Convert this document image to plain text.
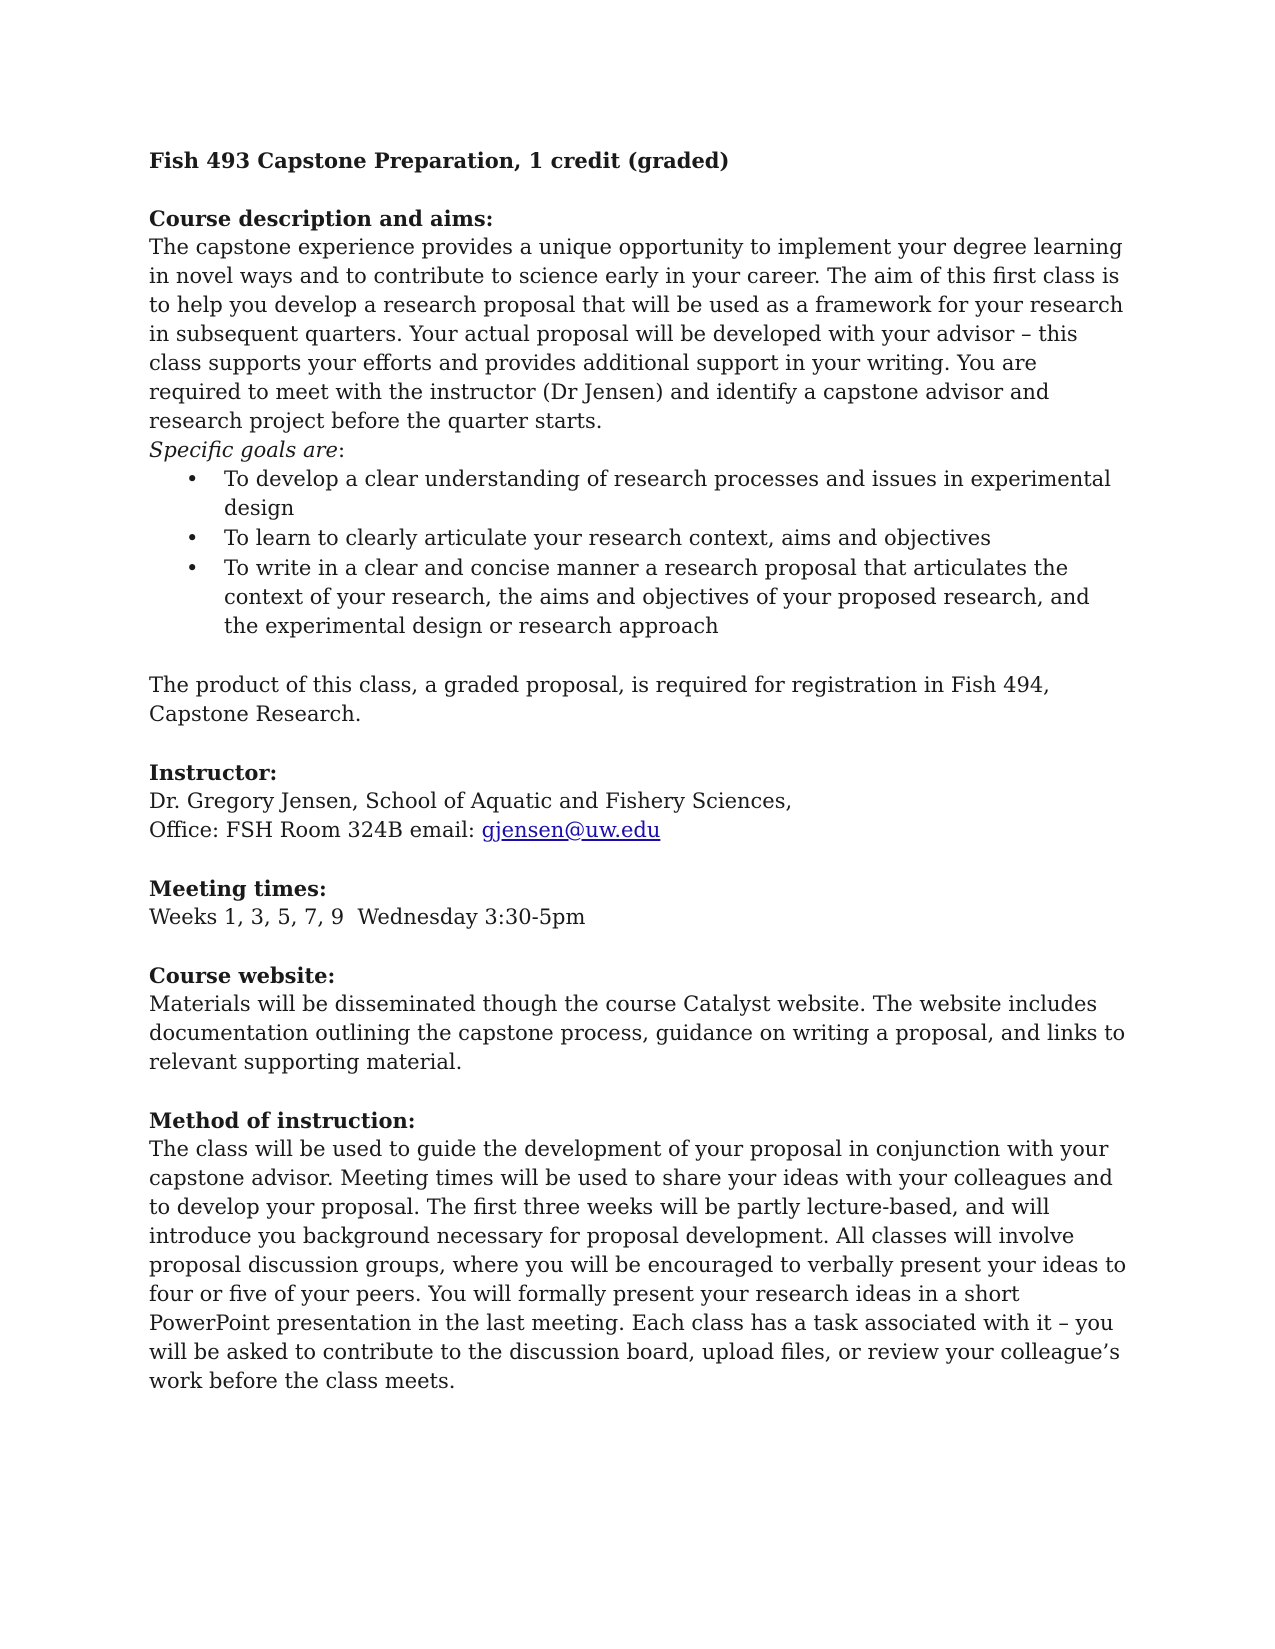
Fish 493 Capstone Preparation, 1 credit (graded)

Course description and aims:

The capstone experience provides a unique opportunity to implement your degree learning in novel ways and to contribute to science early in your career. The aim of this first class is to help you develop a research proposal that will be used as a framework for your research in subsequent quarters. Your actual proposal will be developed with your advisor – this class supports your efforts and provides additional support in your writing. You are required to meet with the instructor (Dr Jensen) and identify a capstone advisor and research project before the quarter starts.

Specific goals are:

• To develop a clear understanding of research processes and issues in experimental design
• To learn to clearly articulate your research context, aims and objectives
• To write in a clear and concise manner a research proposal that articulates the context of your research, the aims and objectives of your proposed research, and the experimental design or research approach

The product of this class, a graded proposal, is required for registration in Fish 494, Capstone Research.

Instructor:

Dr. Gregory Jensen, School of Aquatic and Fishery Sciences,

Office: FSH Room 324B email: gjensen@uw.edu

Meeting times:

Weeks 1, 3, 5, 7, 9  Wednesday 3:30-5pm

Course website:

Materials will be disseminated though the course Catalyst website. The website includes documentation outlining the capstone process, guidance on writing a proposal, and links to relevant supporting material.

Method of instruction:

The class will be used to guide the development of your proposal in conjunction with your capstone advisor. Meeting times will be used to share your ideas with your colleagues and to develop your proposal. The first three weeks will be partly lecture-based, and will introduce you background necessary for proposal development. All classes will involve proposal discussion groups, where you will be encouraged to verbally present your ideas to four or five of your peers. You will formally present your research ideas in a short PowerPoint presentation in the last meeting. Each class has a task associated with it – you will be asked to contribute to the discussion board, upload files, or review your colleague’s work before the class meets.
